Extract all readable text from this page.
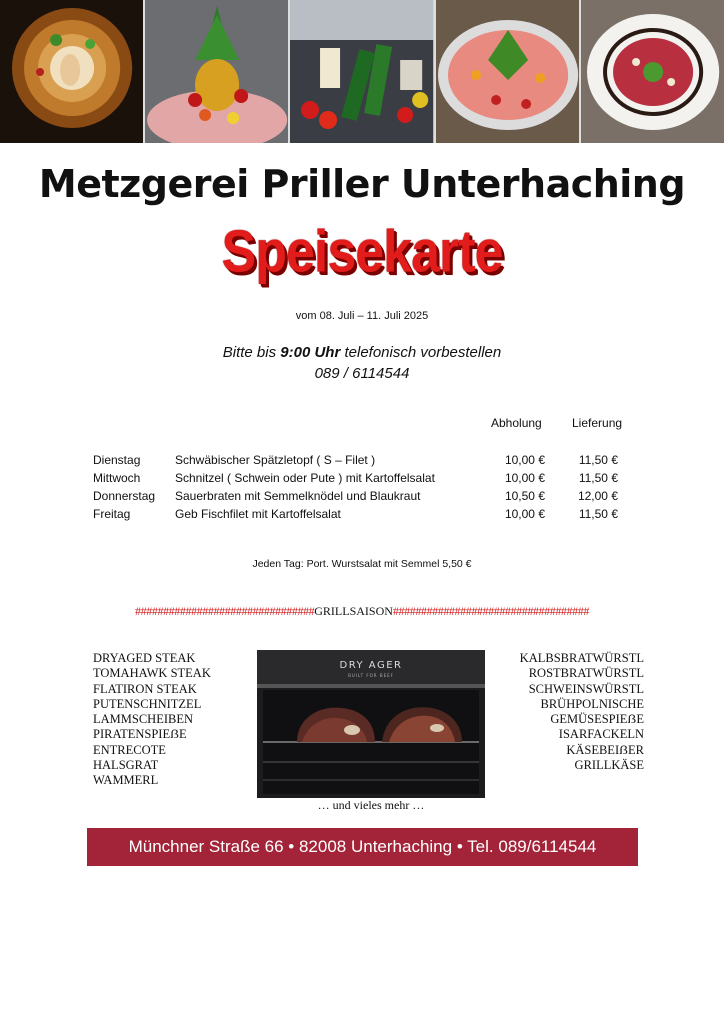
Metzgerei Priller Unterhaching
Speisekarte
vom 08. Juli – 11. Juli 2025
Bitte bis 9:00 Uhr telefonisch vorbestellen
089 / 6114544
Abholung	Lieferung
Dienstag	Schwäbischer Spätzletopf ( S – Filet )	10,00 €	11,50 €
Mittwoch	Schnitzel ( Schwein oder Pute ) mit Kartoffelsalat	10,00 €	11,50 €
Donnerstag	Sauerbraten mit Semmelknödel und Blaukraut	10,50 €	12,00 €
Freitag	Geb Fischfilet mit Kartoffelsalat	10,00 €	11,50 €
Jeden Tag: Port. Wurstsalat mit Semmel 5,50 €
################################GRILLSAISON###################################
DRYAGED STEAK
TOMAHAWK STEAK
FLATIRON STEAK
PUTENSCHNITZEL
LAMMSCHEIBEN
PIRATENSPIEẞE
ENTRECOTE
HALSGRAT
WAMMERL
DRY AGER
BUILT FOR BEEF
… und vieles mehr …
KALBSBRATWÜRSTL
ROSTBRATWÜRSTL
SCHWEINSWÜRSTL
BRÜHPOLNISCHE
GEMÜSESPIEẞE
ISARFACKELN
KÄSEBEIẞER
GRILLKÄSE
Münchner Straße 66 • 82008 Unterhaching • Tel. 089/6114544
